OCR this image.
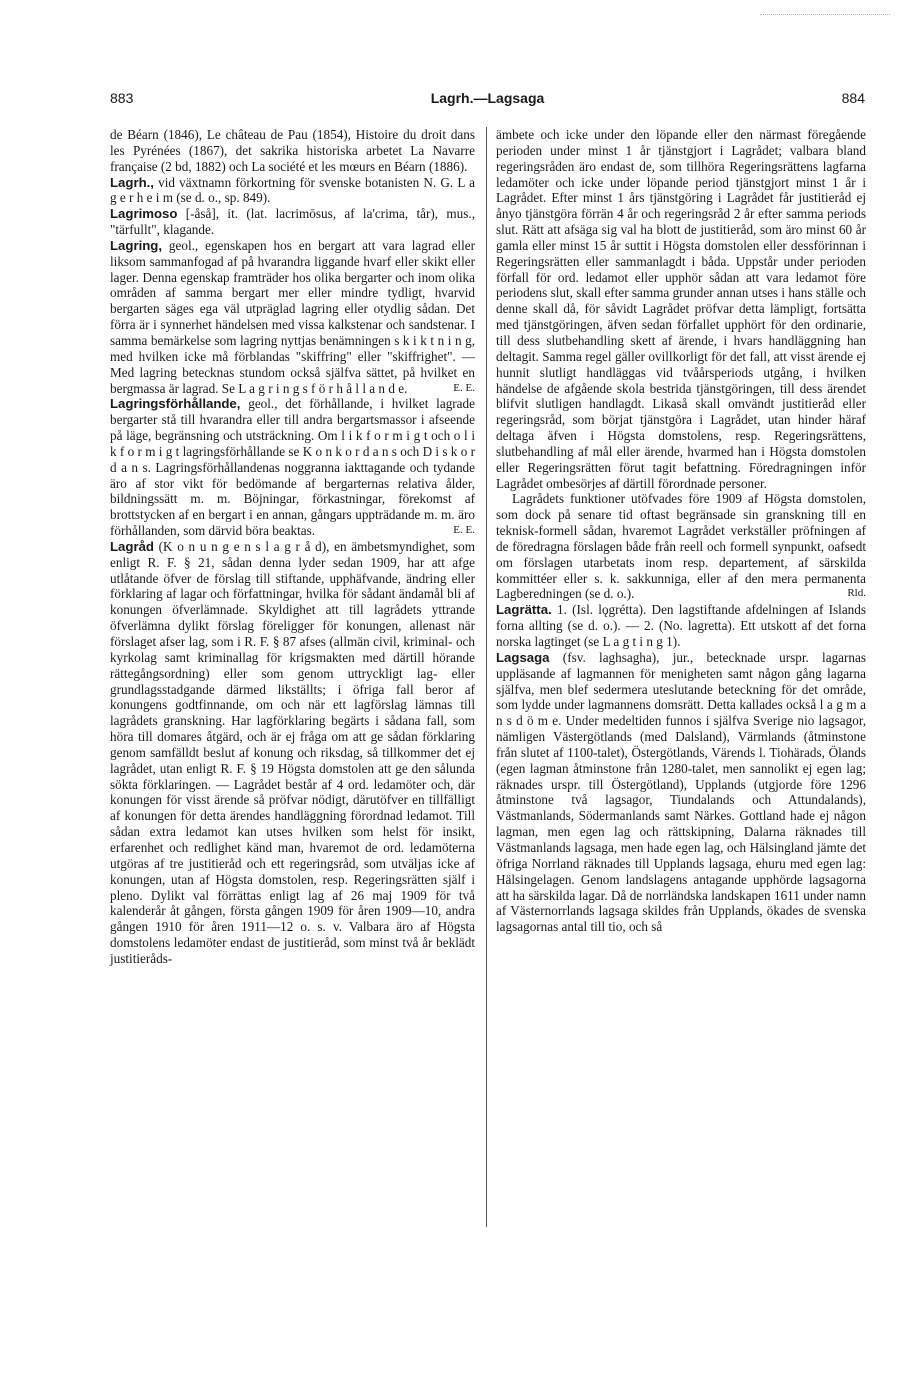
883	Lagrh.—Lagsaga	884

de Béarn (1846), Le château de Pau (1854), Histoire du droit dans les Pyrénées (1867), det sakrika historiska arbetet La Navarre française (2 bd, 1882) och La société et les mœurs en Béarn (1886).

Lagrh., vid växtnamn förkortning för svenske botanisten N. G. L a g e r h e i m (se d. o., sp. 849).

Lagrimoso [-åså], it. (lat. lacrimōsus, af la'crima, tår), mus., "tärfullt", klagande.

Lagring, geol., egenskapen hos en bergart att vara lagrad eller liksom sammanfogad af på hvarandra liggande hvarf eller skikt eller lager. Denna egenskap framträder hos olika bergarter och inom olika områden af samma bergart mer eller mindre tydligt, hvarvid bergarten säges ega väl utpräglad lagring eller otydlig sådan. Det förra är i synnerhet händelsen med vissa kalkstenar och sandstenar. I samma bemärkelse som lagring nyttjas benämningen s k i k t n i n g, med hvilken icke må förblandas "skiffring" eller "skiffrighet". — Med lagring betecknas stundom också själfva sättet, på hvilket en bergmassa är lagrad. Se L a g r i n g s f ö r h å l l a n d e.	E. E.

Lagringsförhållande, geol., det förhållande, i hvilket lagrade bergarter stå till hvarandra eller till andra bergartsmassor i afseende på läge, begränsning och utsträckning. Om l i k f o r m i g t och o l i k f o r m i g t lagringsförhållande se K o n k o r d a n s och D i s k o r d a n s. Lagringsförhållandenas noggranna iakttagande och tydande äro af stor vikt för bedömande af bergarternas relativa ålder, bildningssätt m. m. Böjningar, förkastningar, förekomst af brottstycken af en bergart i en annan, gångars uppträdande m. m. äro förhållanden, som därvid böra beaktas.	E. E.

Lagråd (K o n u n g e n s l a g r å d), en ämbetsmyndighet, som enligt R. F. § 21, sådan denna lyder sedan 1909, har att afge utlåtande öfver de förslag till stiftande, upphäfvande, ändring eller förklaring af lagar och författningar, hvilka för sådant ändamål bli af konungen öfverlämnade. Skyldighet att till lagrådets yttrande öfverlämna dylikt förslag föreligger för konungen, allenast när förslaget afser lag, som i R. F. § 87 afses (allmän civil, kriminal- och kyrkolag samt kriminallag för krigsmakten med därtill hörande rättegångsordning) eller som genom uttryckligt lag- eller grundlagsstadgande därmed likställts; i öfriga fall beror af konungens godtfinnande, om och när ett lagförslag lämnas till lagrådets granskning. Har lagförklaring begärts i sådana fall, som höra till domares åtgärd, och är ej fråga om att ge sådan förklaring genom samfälldt beslut af konung och riksdag, så tillkommer det ej lagrådet, utan enligt R. F. § 19 Högsta domstolen att ge den sålunda sökta förklaringen. — Lagrådet består af 4 ord. ledamöter och, där konungen för visst ärende så pröfvar nödigt, därutöfver en tillfälligt af konungen för detta ärendes handläggning förordnad ledamot. Till sådan extra ledamot kan utses hvilken som helst för insikt, erfarenhet och redlighet känd man, hvaremot de ord. ledamöterna utgöras af tre justitieråd och ett regeringsråd, som utväljas icke af konungen, utan af Högsta domstolen, resp. Regeringsrätten själf i pleno. Dylikt val förrättas enligt lag af 26 maj 1909 för två kalenderår åt gången, första gången 1909 för åren 1909—10, andra gången 1910 för åren 1911—12 o. s. v. Valbara äro af Högsta domstolens ledamöter endast de justitieråd, som minst två år beklädt justitieråds-

ämbete och icke under den löpande eller den närmast föregående perioden under minst 1 år tjänstgjort i Lagrådet; valbara bland regeringsråden äro endast de, som tillhöra Regeringsrättens lagfarna ledamöter och icke under löpande period tjänstgjort minst 1 år i Lagrådet. Efter minst 1 års tjänstgöring i Lagrådet får justitieråd ej ånyo tjänstgöra förrän 4 år och regeringsråd 2 år efter samma periods slut. Rätt att afsäga sig val ha blott de justitieråd, som äro minst 60 år gamla eller minst 15 år suttit i Högsta domstolen eller dessförinnan i Regeringsrätten eller sammanlagdt i båda. Uppstår under perioden förfall för ord. ledamot eller upphör sådan att vara ledamot före periodens slut, skall efter samma grunder annan utses i hans ställe och denne skall då, för såvidt Lagrådet pröfvar detta lämpligt, fortsätta med tjänstgöringen, äfven sedan förfallet upphört för den ordinarie, till dess slutbehandling skett af ärende, i hvars handläggning han deltagit. Samma regel gäller ovillkorligt för det fall, att visst ärende ej hunnit slutligt handläggas vid tvåårsperiods utgång, i hvilken händelse de afgående skola bestrida tjänstgöringen, till dess ärendet blifvit slutligen handlagdt. Likaså skall omvändt justitieråd eller regeringsråd, som börjat tjänstgöra i Lagrådet, utan hinder häraf deltaga äfven i Högsta domstolens, resp. Regeringsrättens, slutbehandling af mål eller ärende, hvarmed han i Högsta domstolen eller Regeringsrätten förut tagit befattning. Föredragningen inför Lagrådet ombesörjes af därtill förordnade personer.

Lagrådets funktioner utöfvades före 1909 af Högsta domstolen, som dock på senare tid oftast begränsade sin granskning till en teknisk-formell sådan, hvaremot Lagrådet verkställer pröfningen af de föredragna förslagen både från reell och formell synpunkt, oafsedt om förslagen utarbetats inom resp. departement, af särskilda kommittéer eller s. k. sakkunniga, eller af den mera permanenta Lagberedningen (se d. o.).	Rld.

Lagrätta. 1. (Isl. lǫgrétta). Den lagstiftande afdelningen af Islands forna allting (se d. o.). — 2. (No. lagretta). Ett utskott af det forna norska lagtinget (se L a g t i n g 1).

Lagsaga (fsv. laghsagha), jur., betecknade urspr. lagarnas uppläsande af lagmannen för menigheten samt någon gång lagarna själfva, men blef sedermera uteslutande beteckning för det område, som lydde under lagmannens domsrätt. Detta kallades också l a g m a n s d ö m e. Under medeltiden funnos i själfva Sverige nio lagsagor, nämligen Västergötlands (med Dalsland), Värmlands (åtminstone från slutet af 1100-talet), Östergötlands, Värends l. Tiohärads, Ölands (egen lagman åtminstone från 1280-talet, men sannolikt ej egen lag; räknades urspr. till Östergötland), Upplands (utgjorde före 1296 åtminstone två lagsagor, Tiundalands och Attundalands), Västmanlands, Södermanlands samt Närkes. Gottland hade ej någon lagman, men egen lag och rättskipning, Dalarna räknades till Västmanlands lagsaga, men hade egen lag, och Hälsingland jämte det öfriga Norrland räknades till Upplands lagsaga, ehuru med egen lag: Hälsingelagen. Genom landslagens antagande upphörde lagsagorna att ha särskilda lagar. Då de norrländska landskapen 1611 under namn af Västernorrlands lagsaga skildes från Upplands, ökades de svenska lagsagornas antal till tio, och så
